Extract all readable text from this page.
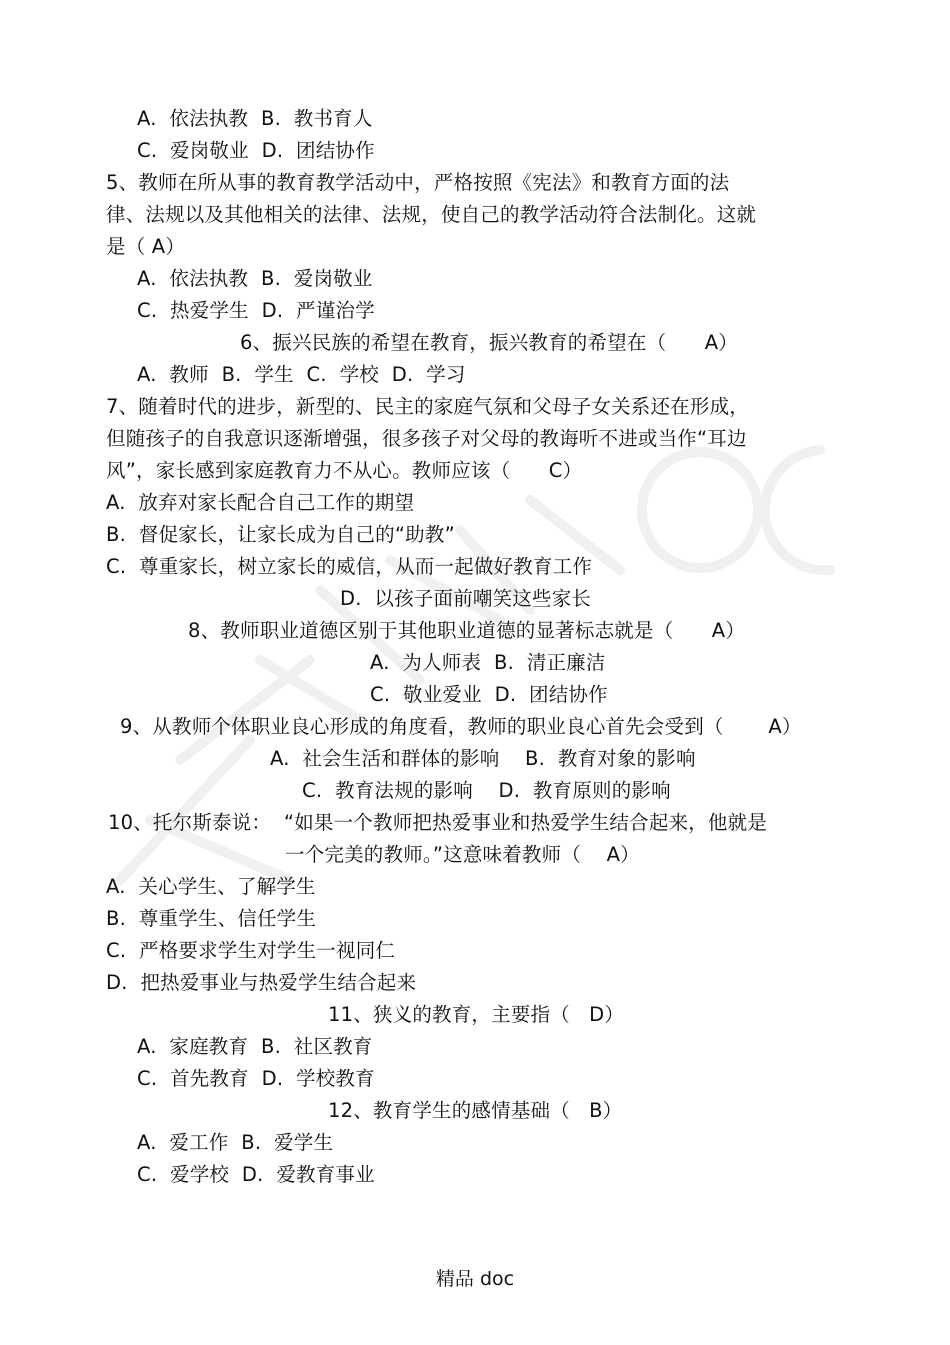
A.  依法执教  B.  教书育人
C.  爱岗敬业  D.  团结协作
5、教师在所从事的教育教学活动中，严格按照《宪法》和教育方面的法
律、法规以及其他相关的法律、法规，使自己的教学活动符合法制化。这就
是（ A）
A.  依法执教  B.  爱岗敬业
C.  热爱学生  D.  严谨治学
6、振兴民族的希望在教育，振兴教育的希望在（      A）
A.  教师  B.  学生  C.  学校  D.  学习
7、随着时代的进步，新型的、民主的家庭气氛和父母子女关系还在形成，
但随孩子的自我意识逐渐增强，很多孩子对父母的教诲听不进或当作“耳边
风”，家长感到家庭教育力不从心。教师应该（      C）
A.  放弃对家长配合自己工作的期望
B.  督促家长，让家长成为自己的“助教”
C.  尊重家长，树立家长的威信，从而一起做好教育工作
D.  以孩子面前嘲笑这些家长
8、教师职业道德区别于其他职业道德的显著标志就是（      A）
A.  为人师表  B.  清正廉洁
C.  敬业爱业  D.  团结协作
9、从教师个体职业良心形成的角度看，教师的职业良心首先会受到（       A）
A.  社会生活和群体的影响    B.  教育对象的影响
C.  教育法规的影响    D.  教育原则的影响
10、托尔斯泰说：  “如果一个教师把热爱事业和热爱学生结合起来，他就是
一个完美的教师。”这意味着教师（    A）
A.  关心学生、了解学生
B.  尊重学生、信任学生
C.  严格要求学生对学生一视同仁
D.  把热爱事业与热爱学生结合起来
11、狭义的教育，主要指（   D）
A.  家庭教育  B.  社区教育
C.  首先教育  D.  学校教育
12、教育学生的感情基础（   B）
A.  爱工作  B.  爱学生
C.  爱学校  D.  爱教育事业
精品 doc
